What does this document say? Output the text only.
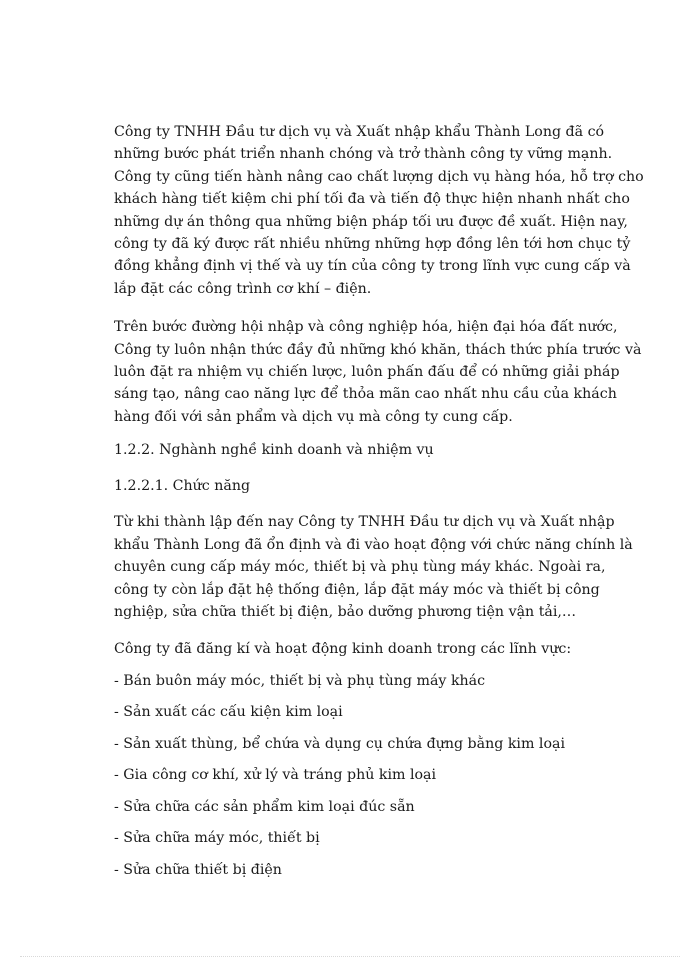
Công ty TNHH Đầu tư dịch vụ và Xuất nhập khẩu Thành Long đã có những bước phát triển nhanh chóng và trở thành công ty vững mạnh. Công ty cũng tiến hành nâng cao chất lượng dịch vụ hàng hóa, hỗ trợ cho khách hàng tiết kiệm chi phí tối đa và tiến độ thực hiện nhanh nhất cho những dự án thông qua những biện pháp tối ưu được đề xuất. Hiện nay, công ty đã ký được rất nhiều những những hợp đồng lên tới hơn chục tỷ đồng khẳng định vị thế và uy tín của công ty trong lĩnh vực cung cấp và lắp đặt các công trình cơ khí – điện.

Trên bước đường hội nhập và công nghiệp hóa, hiện đại hóa đất nước, Công ty luôn nhận thức đầy đủ những khó khăn, thách thức phía trước và luôn đặt ra nhiệm vụ chiến lược, luôn phấn đấu để có những giải pháp sáng tạo, nâng cao năng lực để thỏa mãn cao nhất nhu cầu của khách hàng đối với sản phẩm và dịch vụ mà công ty cung cấp.

1.2.2. Nghành nghề kinh doanh và nhiệm vụ

1.2.2.1. Chức năng

Từ khi thành lập đến nay Công ty TNHH Đầu tư dịch vụ và Xuất nhập khẩu Thành Long đã ổn định và đi vào hoạt động với chức năng chính là chuyên cung cấp máy móc, thiết bị và phụ tùng máy khác. Ngoài ra, công ty còn lắp đặt hệ thống điện, lắp đặt máy móc và thiết bị công nghiệp, sửa chữa thiết bị điện, bảo dưỡng phương tiện vận tải,…

Công ty đã đăng kí và hoạt động kinh doanh trong các lĩnh vực:

- Bán buôn máy móc, thiết bị và phụ tùng máy khác

- Sản xuất các cấu kiện kim loại

- Sản xuất thùng, bể chứa và dụng cụ chứa đựng bằng kim loại

- Gia công cơ khí, xử lý và tráng phủ kim loại

- Sửa chữa các sản phẩm kim loại đúc sẵn

- Sửa chữa máy móc, thiết bị

- Sửa chữa thiết bị điện
